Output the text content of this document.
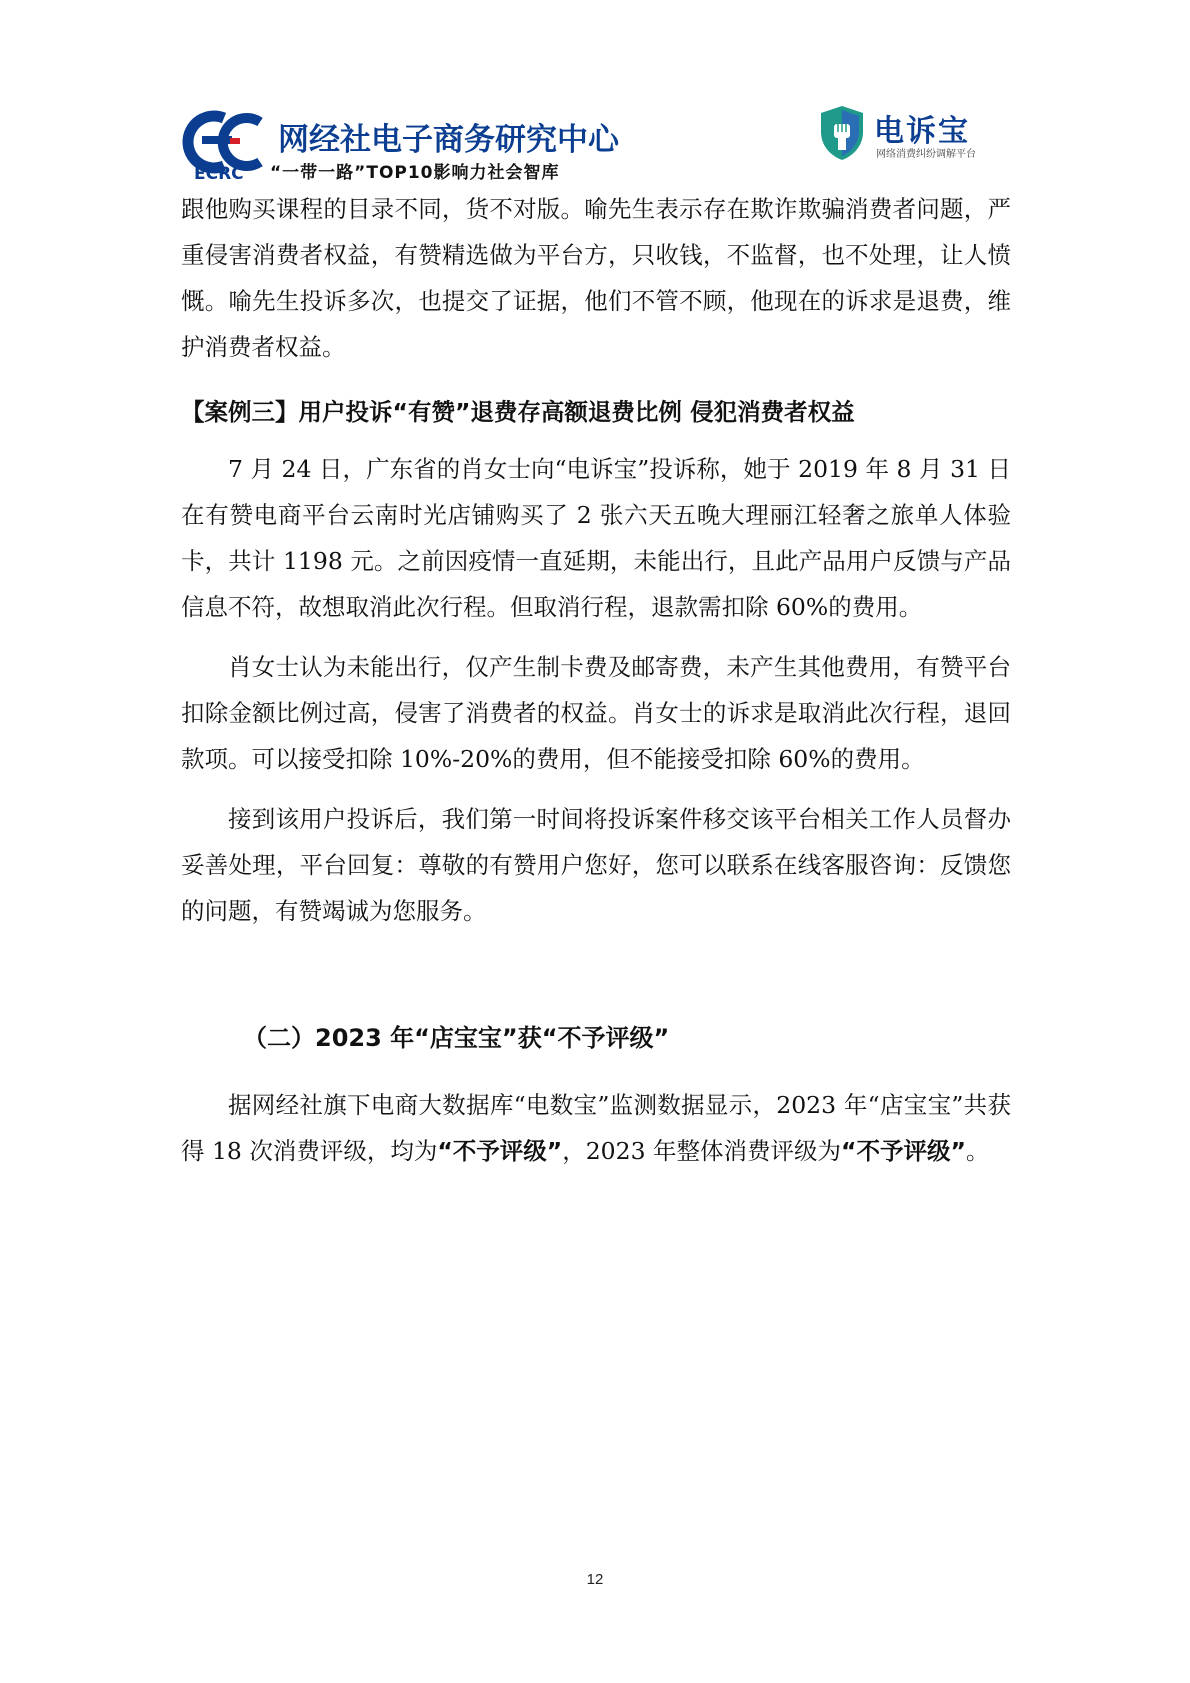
ECRC
网经社电子商务研究中心
“一带一路”TOP10影响力社会智库
电诉宝
网络消费纠纷调解平台

跟他购买课程的目录不同，货不对版。喻先生表示存在欺诈欺骗消费者问题，严重侵害消费者权益，有赞精选做为平台方，只收钱，不监督，也不处理，让人愤慨。喻先生投诉多次，也提交了证据，他们不管不顾，他现在的诉求是退费，维护消费者权益。

【案例三】用户投诉“有赞”退费存高额退费比例 侵犯消费者权益

7 月 24 日，广东省的肖女士向“电诉宝”投诉称，她于 2019 年 8 月 31 日在有赞电商平台云南时光店铺购买了 2 张六天五晚大理丽江轻奢之旅单人体验卡，共计 1198 元。之前因疫情一直延期，未能出行，且此产品用户反馈与产品信息不符，故想取消此次行程。但取消行程，退款需扣除 60%的费用。

肖女士认为未能出行，仅产生制卡费及邮寄费，未产生其他费用，有赞平台扣除金额比例过高，侵害了消费者的权益。肖女士的诉求是取消此次行程，退回款项。可以接受扣除 10%-20%的费用，但不能接受扣除 60%的费用。

接到该用户投诉后，我们第一时间将投诉案件移交该平台相关工作人员督办妥善处理，平台回复：尊敬的有赞用户您好，您可以联系在线客服咨询：反馈您的问题，有赞竭诚为您服务。

（二）2023 年“店宝宝”获“不予评级”

据网经社旗下电商大数据库“电数宝”监测数据显示，2023 年“店宝宝”共获得 18 次消费评级，均为“不予评级”，2023 年整体消费评级为“不予评级”。

12
